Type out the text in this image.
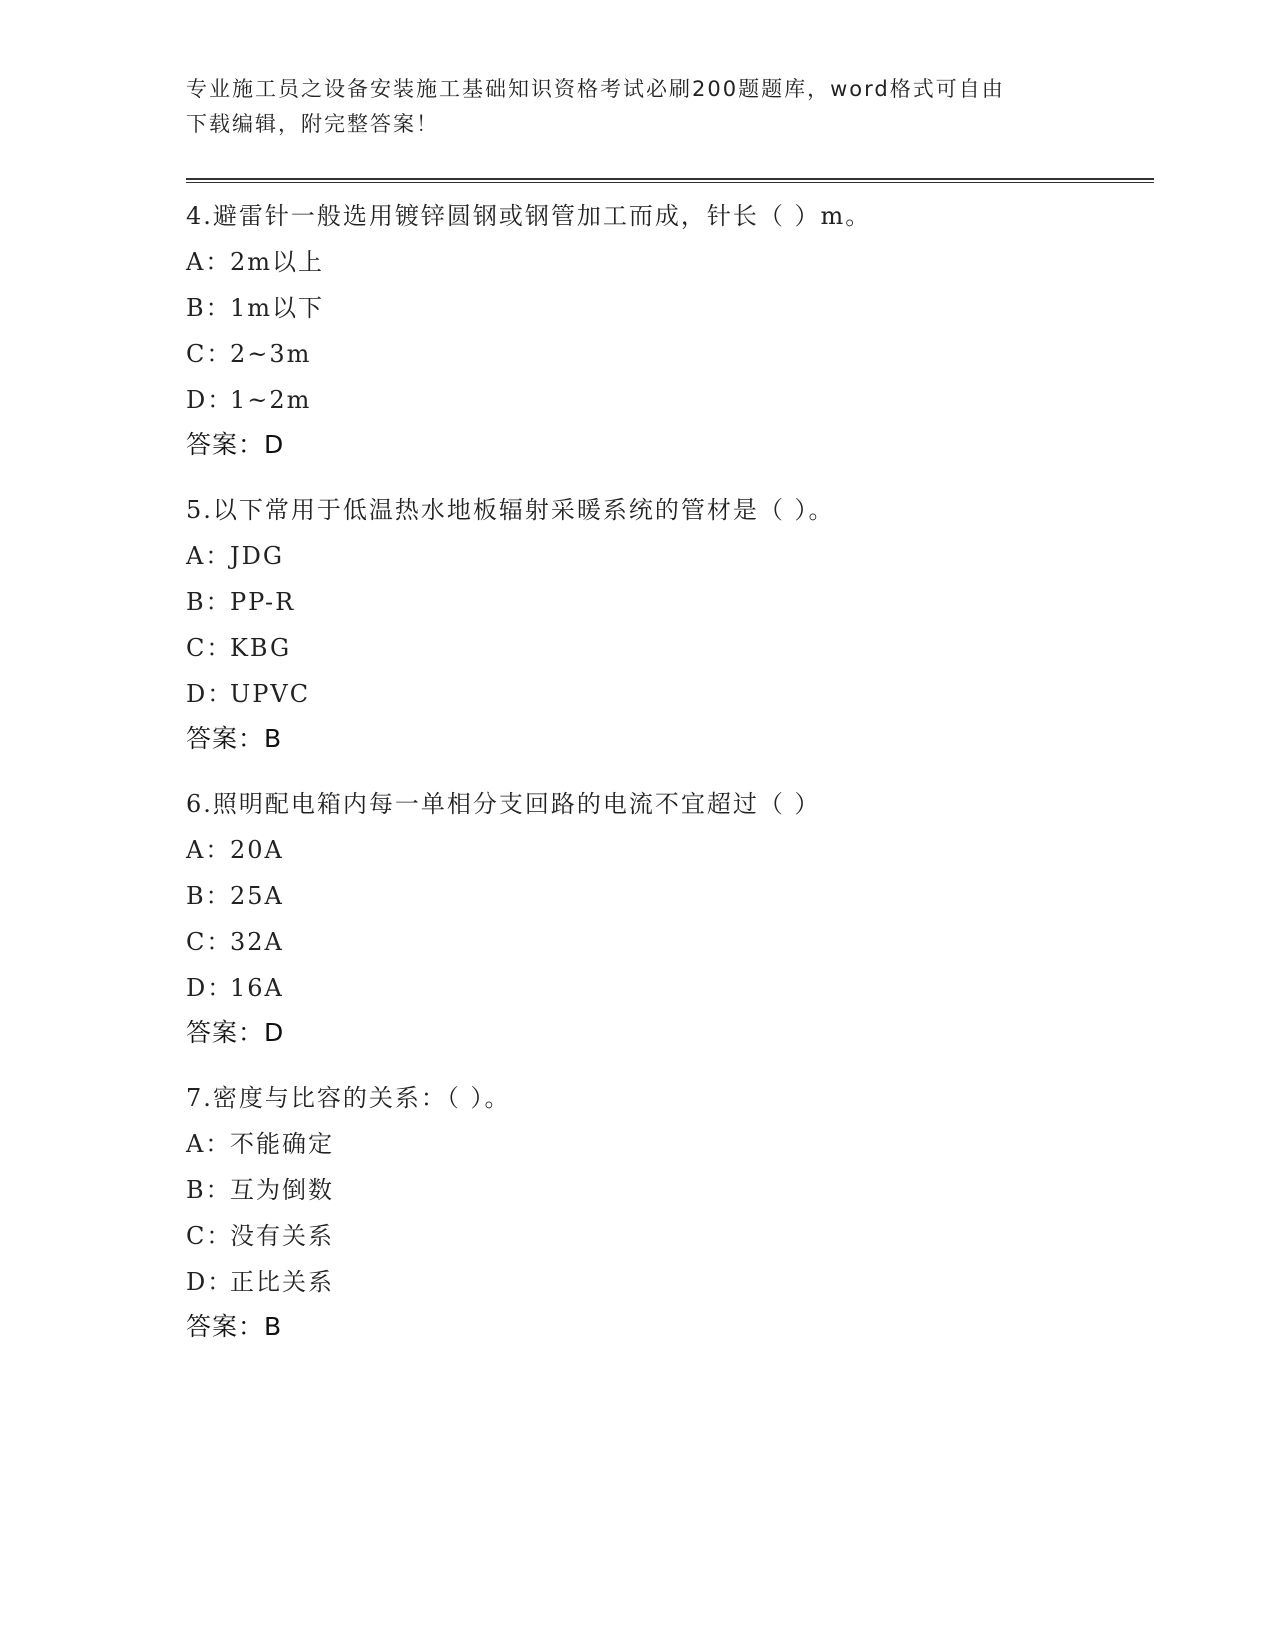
专业施工员之设备安装施工基础知识资格考试必刷200题题库，word格式可自由
下载编辑，附完整答案！
4.避雷针一般选用镀锌圆钢或钢管加工而成，针长（ ）m。
A：2m以上
B：1m以下
C：2~3m
D：1~2m
答案：D
5.以下常用于低温热水地板辐射采暖系统的管材是（ ）。
A：JDG
B：PP-R
C：KBG
D：UPVC
答案：B
6.照明配电箱内每一单相分支回路的电流不宜超过（ ）
A：20A
B：25A
C：32A
D：16A
答案：D
7.密度与比容的关系：（ ）。
A：不能确定
B：互为倒数
C：没有关系
D：正比关系
答案：B
